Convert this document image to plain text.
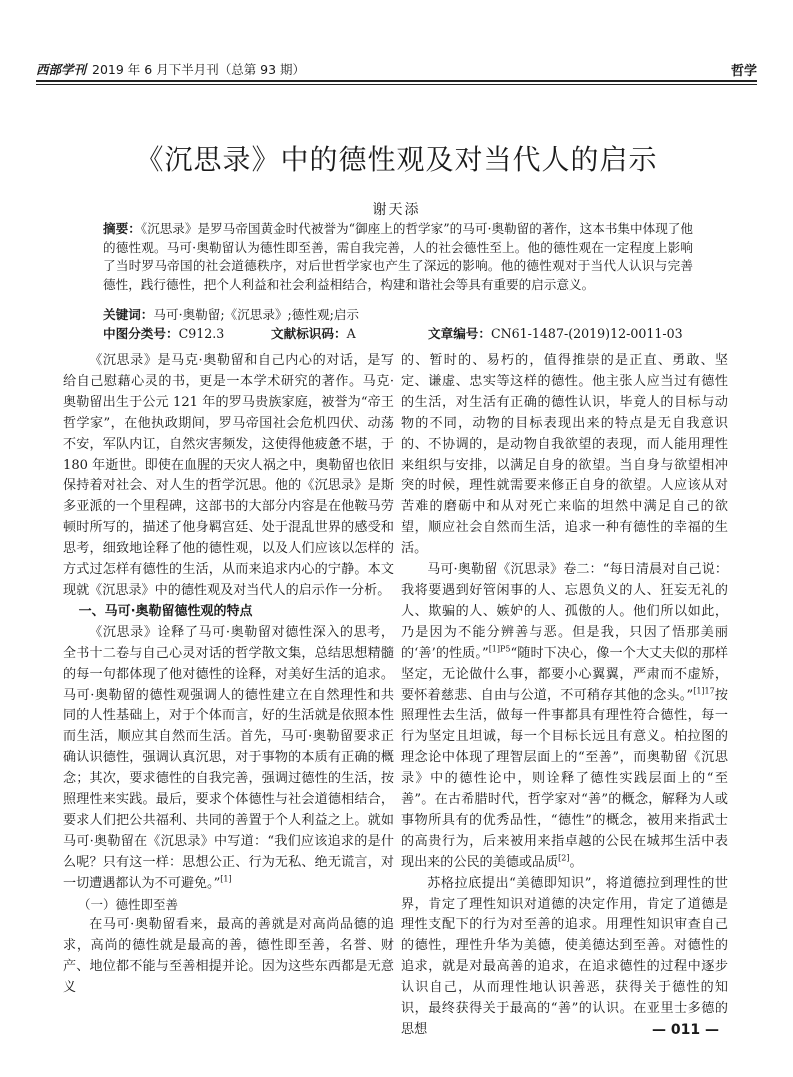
西部学刊 2019 年 6 月下半月刊（总第 93 期）	哲学
《沉思录》中的德性观及对当代人的启示
谢天添
摘要：《沉思录》是罗马帝国黄金时代被誉为“御座上的哲学家”的马可·奥勒留的著作，这本书集中体现了他的德性观。马可·奥勒留认为德性即至善，需自我完善，人的社会德性至上。他的德性观在一定程度上影响了当时罗马帝国的社会道德秩序，对后世哲学家也产生了深远的影响。他的德性观对于当代人认识与完善德性，践行德性，把个人利益和社会利益相结合，构建和谐社会等具有重要的启示意义。
关键词：马可·奥勒留;《沉思录》;德性观;启示
中图分类号：C912.3	文献标识码：A	文章编号：CN61-1487-(2019)12-0011-03

《沉思录》是马克·奥勒留和自己内心的对话，是写给自己慰藉心灵的书，更是一本学术研究的著作。马克·奥勒留出生于公元 121 年的罗马贵族家庭，被誉为“帝王哲学家”，在他执政期间，罗马帝国社会危机四伏、动荡不安，军队内讧，自然灾害频发，这使得他疲惫不堪，于 180 年逝世。即使在血腥的天灾人祸之中，奥勒留也依旧保持着对社会、对人生的哲学沉思。他的《沉思录》是斯多亚派的一个里程碑，这部书的大部分内容是在他鞍马劳顿时所写的，描述了他身羁宫廷、处于混乱世界的感受和思考，细致地诠释了他的德性观，以及人们应该以怎样的方式过怎样有德性的生活，从而来追求内心的宁静。本文现就《沉思录》中的德性观及对当代人的启示作一分析。

一、马可·奥勒留德性观的特点

《沉思录》诠释了马可·奥勒留对德性深入的思考，全书十二卷与自己心灵对话的哲学散文集，总结思想精髓的每一句都体现了他对德性的诠释，对美好生活的追求。马可·奥勒留的德性观强调人的德性建立在自然理性和共同的人性基础上，对于个体而言，好的生活就是依照本性而生活，顺应其自然而生活。首先，马可·奥勒留要求正确认识德性，强调认真沉思，对于事物的本质有正确的概念；其次，要求德性的自我完善，强调过德性的生活，按照理性来实践。最后，要求个体德性与社会道德相结合，要求人们把公共福利、共同的善置于个人利益之上。就如马可·奥勒留在《沉思录》中写道：“我们应该追求的是什么呢？只有这一样：思想公正、行为无私、绝无谎言，对一切遭遇都认为不可避免。”[1]

（一）德性即至善

在马可·奥勒留看来，最高的善就是对高尚品德的追求，高尚的德性就是最高的善，德性即至善，名誉、财产、地位都不能与至善相提并论。因为这些东西都是无意义

的、暂时的、易朽的，值得推崇的是正直、勇敢、坚定、谦虚、忠实等这样的德性。他主张人应当过有德性的生活，对生活有正确的德性认识，毕竟人的目标与动物的不同，动物的目标表现出来的特点是无自我意识的、不协调的，是动物自我欲望的表现，而人能用理性来组织与安排，以满足自身的欲望。当自身与欲望相冲突的时候，理性就需要来修正自身的欲望。人应该从对苦难的磨砺中和从对死亡来临的坦然中满足自己的欲望，顺应社会自然而生活，追求一种有德性的幸福的生活。

马可·奥勒留《沉思录》卷二：“每日清晨对自己说：我将要遇到好管闲事的人、忘恩负义的人、狂妄无礼的人、欺骗的人、嫉妒的人、孤傲的人。他们所以如此，乃是因为不能分辨善与恶。但是我，只因了悟那美丽的‘善’的性质。”$^{[1]P5}$“随时下决心，像一个大丈夫似的那样坚定，无论做什么事，都要小心翼翼，严肃而不虚矫，要怀着慈悲、自由与公道，不可稍存其他的念头。”$^{[1]17}$按照理性去生活，做每一件事都具有理性符合德性，每一行为坚定且坦诚，每一个目标长远且有意义。柏拉图的理念论中体现了理智层面上的“至善”，而奥勒留《沉思录》中的德性论中，则诠释了德性实践层面上的“至善”。在古希腊时代，哲学家对“善”的概念，解释为人或事物所具有的优秀品性，“德性”的概念，被用来指武士的高贵行为，后来被用来指卓越的公民在城邦生活中表现出来的公民的美德或品质[2]。

苏格拉底提出“美德即知识”，将道德拉到理性的世界，肯定了理性知识对道德的决定作用，肯定了道德是理性支配下的行为对至善的追求。用理性知识审查自己的德性，理性升华为美德，使美德达到至善。对德性的追求，就是对最高善的追求，在追求德性的过程中逐步认识自己，从而理性地认识善恶，获得关于德性的知识，最终获得关于最高的“善”的认识。在亚里士多德的思想	— 011 —
